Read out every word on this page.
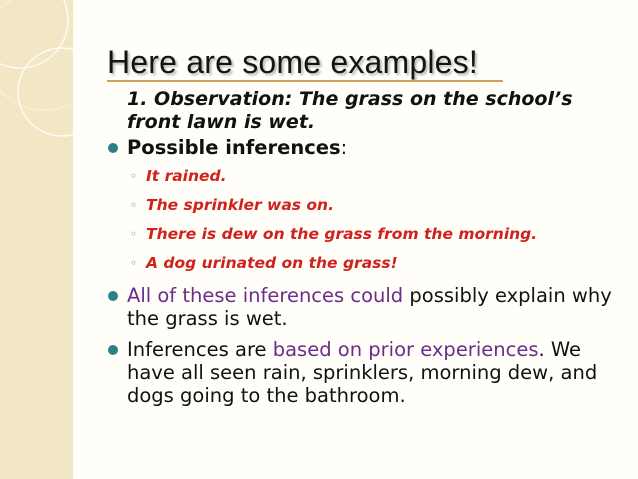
Here are some examples!
1. Observation: The grass on the school’s front lawn is wet.
Possible inferences:
◦ It rained.
◦ The sprinkler was on.
◦ There is dew on the grass from the morning.
◦ A dog urinated on the grass!
All of these inferences could possibly explain why the grass is wet.
Inferences are based on prior experiences. We have all seen rain, sprinklers, morning dew, and dogs going to the bathroom.
